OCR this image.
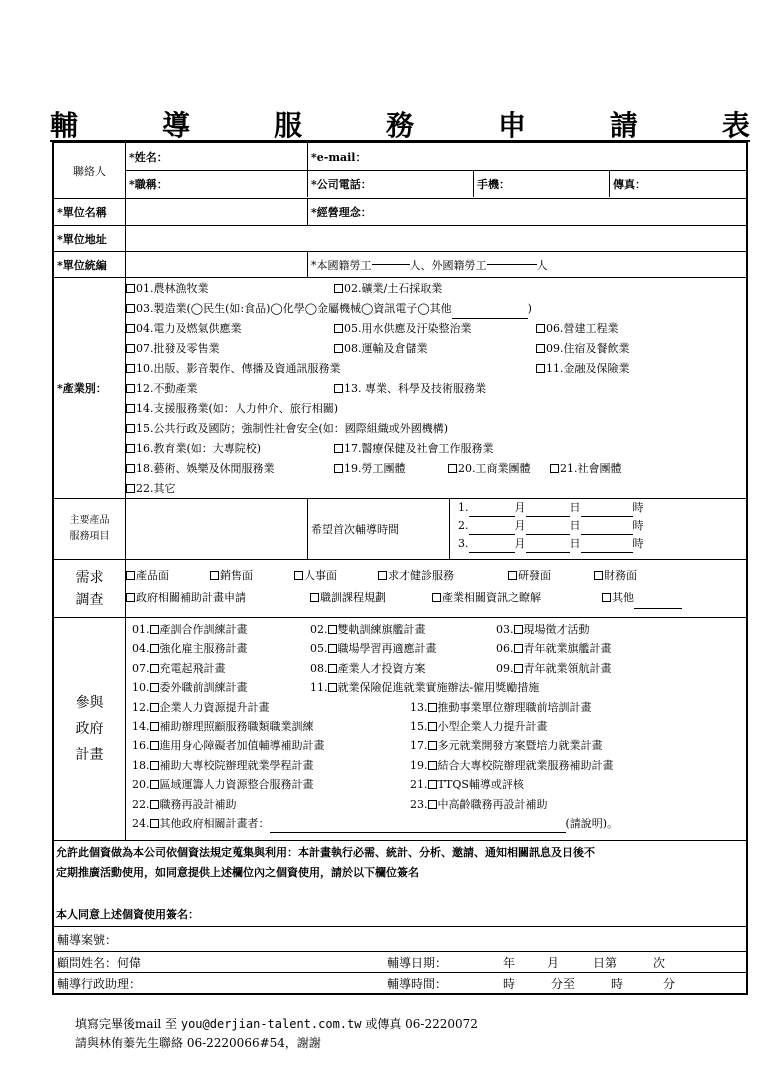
輔	導	服	務	申	請	表
聯絡人
*姓名：	*e-mail：
*職稱：	*公司電話：	手機：	傳真：
*單位名稱	*經營理念：
*單位地址
*單位統編	*本國籍勞工	人、外國籍勞工	人
*產業別：
01.農林漁牧業	02.礦業/土石採取業
03.製造業(◯民生(如:食品)◯化學◯金屬機械◯資訊電子◯其他	)
04.電力及燃氣供應業	05.用水供應及汙染整治業	06.營建工程業
07.批發及零售業	08.運輸及倉儲業	09.住宿及餐飲業
10.出版、影音製作、傳播及資通訊服務業	11.金融及保險業
12.不動產業	13. 專業、科學及技術服務業
14.支援服務業(如：人力仲介、旅行相關)
15.公共行政及國防；強制性社會安全(如：國際組織或外國機構)
16.教育業(如：大專院校)	17.醫療保健及社會工作服務業
18.藝術、娛樂及休閒服務業	19.勞工團體	20.工商業團體	21.社會團體
22.其它
主要產品
服務項目
希望首次輔導時間
1.	月	日	時
2.	月	日	時
3.	月	日	時
需求
調查
產品面	銷售面	人事面	求才健診服務	研發面	財務面
政府相關補助計畫申請	職訓課程規劃	產業相關資訊之瞭解	其他
參與
政府
計畫
01. 產訓合作訓練計畫	02. 雙軌訓練旗艦計畫	03. 現場徵才活動
04. 強化雇主服務計畫	05. 職場學習再適應計畫	06. 青年就業旗艦計畫
07. 充電起飛計畫	08. 產業人才投資方案	09. 青年就業領航計畫
10. 委外職前訓練計畫	11. 就業保險促進就業實施辦法-僱用獎勵措施
12. 企業人力資源提升計畫	13. 推動事業單位辦理職前培訓計畫
14. 補助辦理照顧服務職類職業訓練	15. 小型企業人力提升計畫
16. 進用身心障礙者加值輔導補助計畫	17. 多元就業開發方案暨培力就業計畫
18. 補助大專校院辦理就業學程計畫	19. 結合大專校院辦理就業服務補助計畫
20. 區域運籌人力資源整合服務計畫	21. TTQS輔導或評核
22. 職務再設計補助	23. 中高齡職務再設計補助
24. 其他政府相關計畫者：	(請說明)。
允許此個資做為本公司依個資法規定蒐集與利用：本計畫執行必需、統計、分析、邀請、通知相關訊息及日後不
定期推廣活動使用，如同意提供上述欄位內之個資使用，請於以下欄位簽名
本人同意上述個資使用簽名：
輔導案號：
顧問姓名：何偉	輔導日期：	年	月	日第	次
輔導行政助理：	輔導時間：	時	分至	時	分
填寫完畢後mail 至 you@derjian-talent.com.tw 或傳真 06-2220072
請與林侑蓁先生聯絡 06-2220066#54，謝謝
